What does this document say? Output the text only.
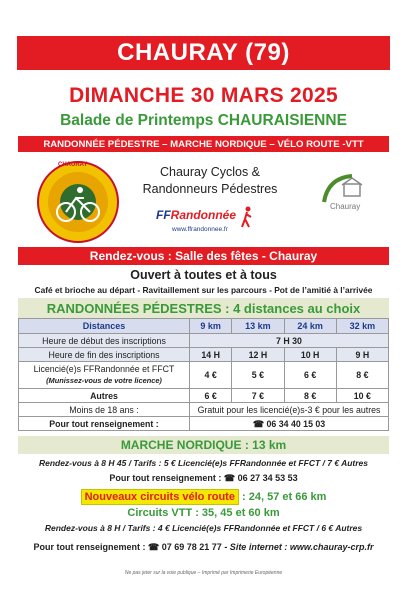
CHAURAY (79)
DIMANCHE 30 MARS 2025
Balade de Printemps CHAURAISIENNE
RANDONNÉE PÉDESTRE – MARCHE NORDIQUE – VÉLO ROUTE -VTT
CHAURAY	Chauray Cyclos &
Randonneurs Pédestres
FFRandonnée
www.ffrandonnee.fr
Chauray
Rendez-vous : Salle des fêtes - Chauray
Ouvert à toutes et à tous
Café et brioche au départ - Ravitaillement sur les parcours - Pot de l’amitié à l’arrivée
RANDONNÉES PÉDESTRES : 4 distances au choix
Distances	9 km	13 km	24 km	32 km
Heure de début des inscriptions	7 H 30			
Heure de fin des inscriptions	14 H	12 H	10 H	9 H

Licencié(e)s FFRandonnée et FFCT
(Munissez-vous de votre licence)	4 €	5 €	6 €	8 €
Autres	6 €	7 €	8 €	10 €
Moins de 18 ans :	Gratuit pour les licencié(e)s-3 € pour les autres			
Pour tout renseignement :	☎ 06 34 40 15 03			
MARCHE NORDIQUE : 13 km
Rendez-vous à 8 H 45 / Tarifs : 5 € Licencié(e)s FFRandonnée et FFCT / 7 € Autres
Pour tout renseignement : ☎ 06 27 34 53 53
Nouveaux circuits vélo route : 24, 57 et 66 km
Circuits VTT : 35, 45 et 60 km
Rendez-vous à 8 H / Tarifs : 4 € Licencié(e)s FFRandonnée et FFCT / 6 € Autres
Pour tout renseignement : ☎ 07 69 78 21 77 - Site internet : www.chauray-crp.fr
Ne pas jeter sur la voie publique – Imprimé par Imprimerie Européenne
